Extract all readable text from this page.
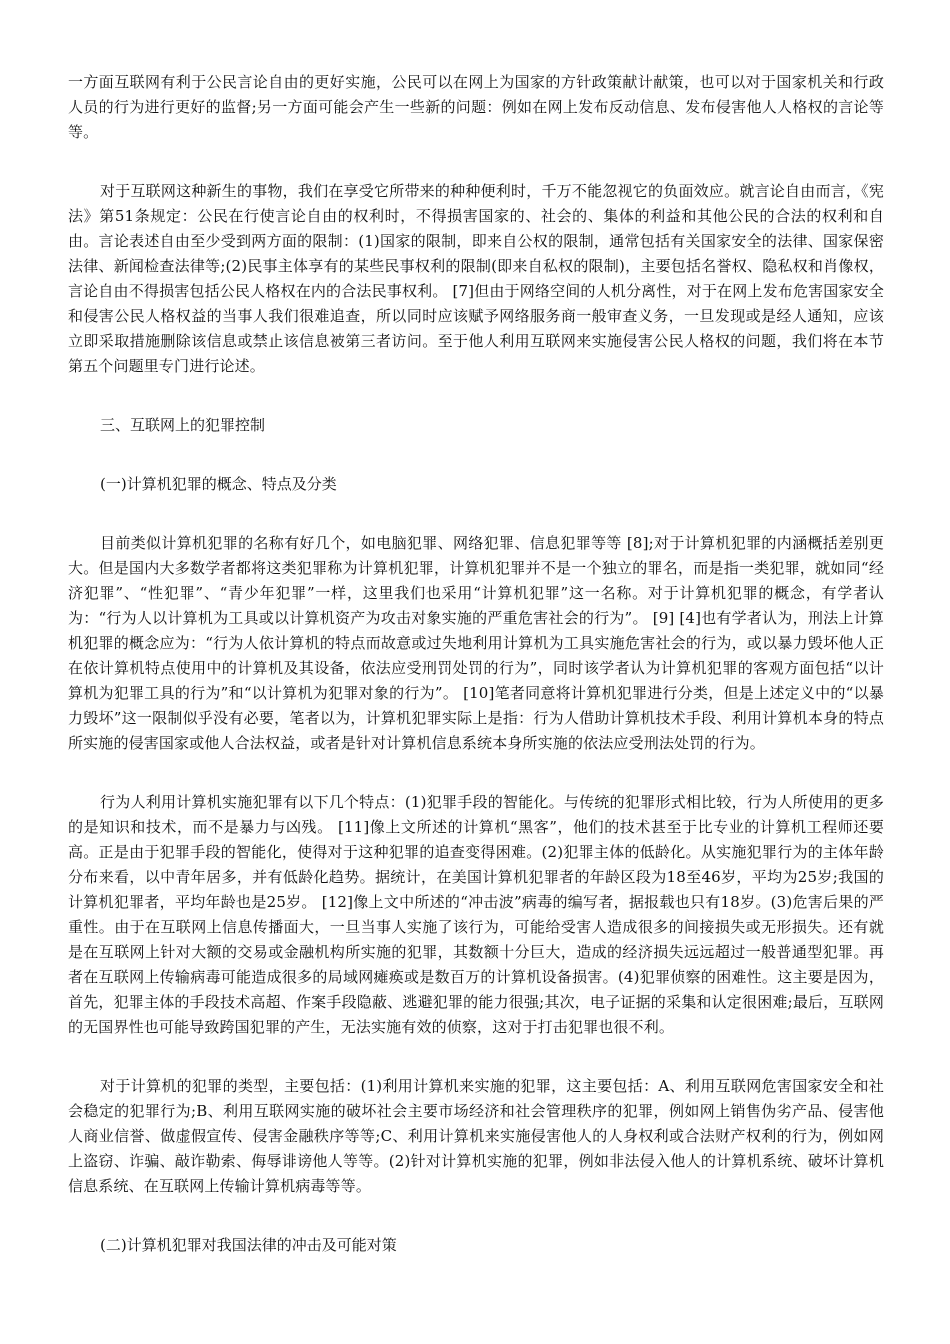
一方面互联网有利于公民言论自由的更好实施，公民可以在网上为国家的方针政策献计献策，也可以对于国家机关和行政人员的行为进行更好的监督;另一方面可能会产生一些新的问题：例如在网上发布反动信息、发布侵害他人人格权的言论等等。

对于互联网这种新生的事物，我们在享受它所带来的种种便利时，千万不能忽视它的负面效应。就言论自由而言，《宪法》第51条规定：公民在行使言论自由的权利时，不得损害国家的、社会的、集体的利益和其他公民的合法的权利和自由。言论表述自由至少受到两方面的限制：(1)国家的限制，即来自公权的限制，通常包括有关国家安全的法律、国家保密法律、新闻检查法律等;(2)民事主体享有的某些民事权利的限制(即来自私权的限制)，主要包括名誉权、隐私权和肖像权，言论自由不得损害包括公民人格权在内的合法民事权利。 [7]但由于网络空间的人机分离性，对于在网上发布危害国家安全和侵害公民人格权益的当事人我们很难追查，所以同时应该赋予网络服务商一般审查义务，一旦发现或是经人通知，应该立即采取措施删除该信息或禁止该信息被第三者访问。至于他人利用互联网来实施侵害公民人格权的问题，我们将在本节第五个问题里专门进行论述。

三、互联网上的犯罪控制

(一)计算机犯罪的概念、特点及分类

目前类似计算机犯罪的名称有好几个，如电脑犯罪、网络犯罪、信息犯罪等等 [8];对于计算机犯罪的内涵概括差别更大。但是国内大多数学者都将这类犯罪称为计算机犯罪，计算机犯罪并不是一个独立的罪名，而是指一类犯罪，就如同“经济犯罪”、“性犯罪”、“青少年犯罪”一样，这里我们也采用“计算机犯罪”这一名称。对于计算机犯罪的概念，有学者认为：“行为人以计算机为工具或以计算机资产为攻击对象实施的严重危害社会的行为”。 [9] [4]也有学者认为，刑法上计算机犯罪的概念应为：“行为人依计算机的特点而故意或过失地利用计算机为工具实施危害社会的行为，或以暴力毁坏他人正在依计算机特点使用中的计算机及其设备，依法应受刑罚处罚的行为”，同时该学者认为计算机犯罪的客观方面包括“以计算机为犯罪工具的行为”和“以计算机为犯罪对象的行为”。 [10]笔者同意将计算机犯罪进行分类，但是上述定义中的“以暴力毁坏”这一限制似乎没有必要，笔者以为，计算机犯罪实际上是指：行为人借助计算机技术手段、利用计算机本身的特点所实施的侵害国家或他人合法权益，或者是针对计算机信息系统本身所实施的依法应受刑法处罚的行为。

行为人利用计算机实施犯罪有以下几个特点：(1)犯罪手段的智能化。与传统的犯罪形式相比较，行为人所使用的更多的是知识和技术，而不是暴力与凶残。 [11]像上文所述的计算机“黑客”，他们的技术甚至于比专业的计算机工程师还要高。正是由于犯罪手段的智能化，使得对于这种犯罪的追查变得困难。(2)犯罪主体的低龄化。从实施犯罪行为的主体年龄分布来看，以中青年居多，并有低龄化趋势。据统计，在美国计算机犯罪者的年龄区段为18至46岁，平均为25岁;我国的计算机犯罪者，平均年龄也是25岁。 [12]像上文中所述的“冲击波”病毒的编写者，据报载也只有18岁。(3)危害后果的严重性。由于在互联网上信息传播面大，一旦当事人实施了该行为，可能给受害人造成很多的间接损失或无形损失。还有就是在互联网上针对大额的交易或金融机构所实施的犯罪，其数额十分巨大，造成的经济损失远远超过一般普通型犯罪。再者在互联网上传输病毒可能造成很多的局域网瘫痪或是数百万的计算机设备损害。(4)犯罪侦察的困难性。这主要是因为，首先，犯罪主体的手段技术高超、作案手段隐蔽、逃避犯罪的能力很强;其次，电子证据的采集和认定很困难;最后，互联网的无国界性也可能导致跨国犯罪的产生，无法实施有效的侦察，这对于打击犯罪也很不利。

对于计算机的犯罪的类型，主要包括：(1)利用计算机来实施的犯罪，这主要包括：A、利用互联网危害国家安全和社会稳定的犯罪行为;B、利用互联网实施的破坏社会主要市场经济和社会管理秩序的犯罪，例如网上销售伪劣产品、侵害他人商业信誉、做虚假宣传、侵害金融秩序等等;C、利用计算机来实施侵害他人的人身权利或合法财产权利的行为，例如网上盗窃、诈骗、敲诈勒索、侮辱诽谤他人等等。(2)针对计算机实施的犯罪，例如非法侵入他人的计算机系统、破坏计算机信息系统、在互联网上传输计算机病毒等等。

(二)计算机犯罪对我国法律的冲击及可能对策
